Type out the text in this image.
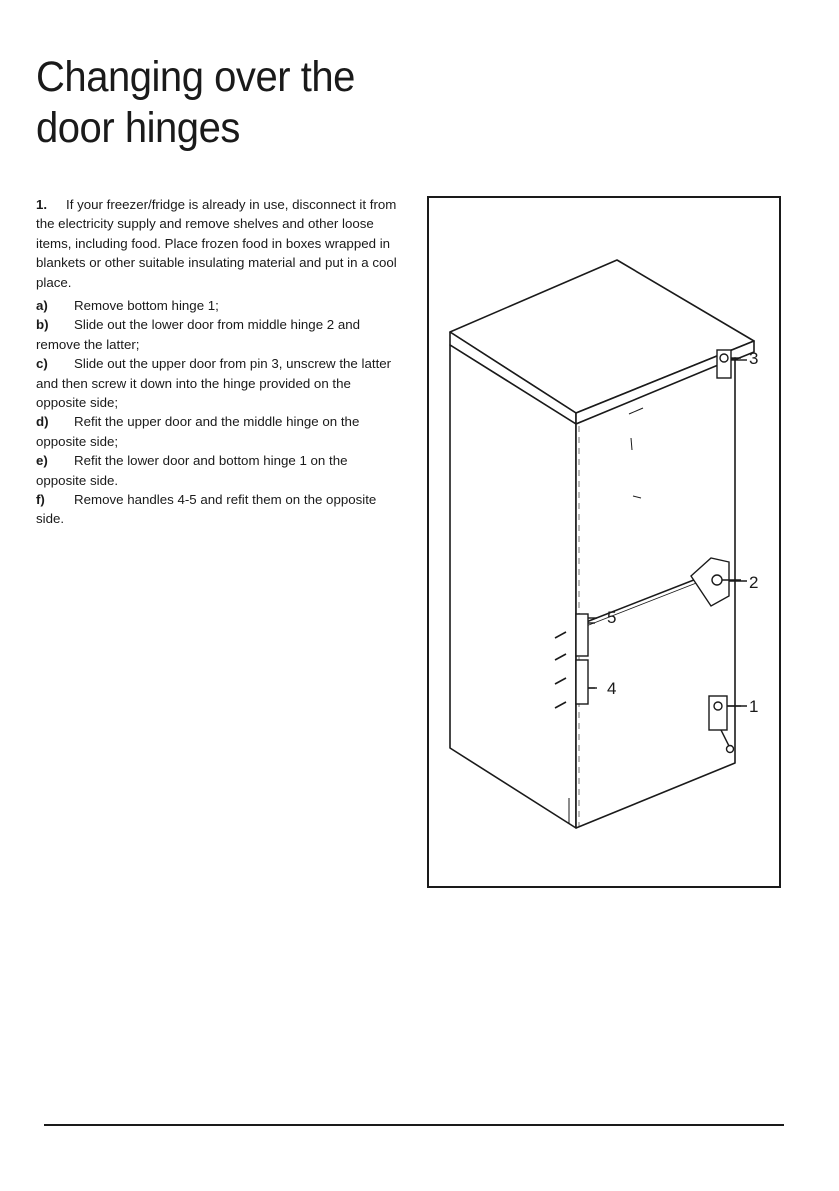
Changing over the
door hinges

1. If your freezer/fridge is already in use, disconnect it from the electricity supply and remove shelves and other loose items, including food. Place frozen food in boxes wrapped in blankets or other suitable insulating material and put in a cool place.

a) Remove bottom hinge 1;
b) Slide out the lower door from middle hinge 2 and remove the latter;
c) Slide out the upper door from pin 3, unscrew the latter and then screw it down into the hinge provided on the opposite side;
d) Refit the upper door and the middle hinge on the opposite side;
e) Refit the lower door and bottom hinge 1 on the opposite side.
f) Remove handles 4-5 and refit them on the opposite side.
3
2
5
4
1
